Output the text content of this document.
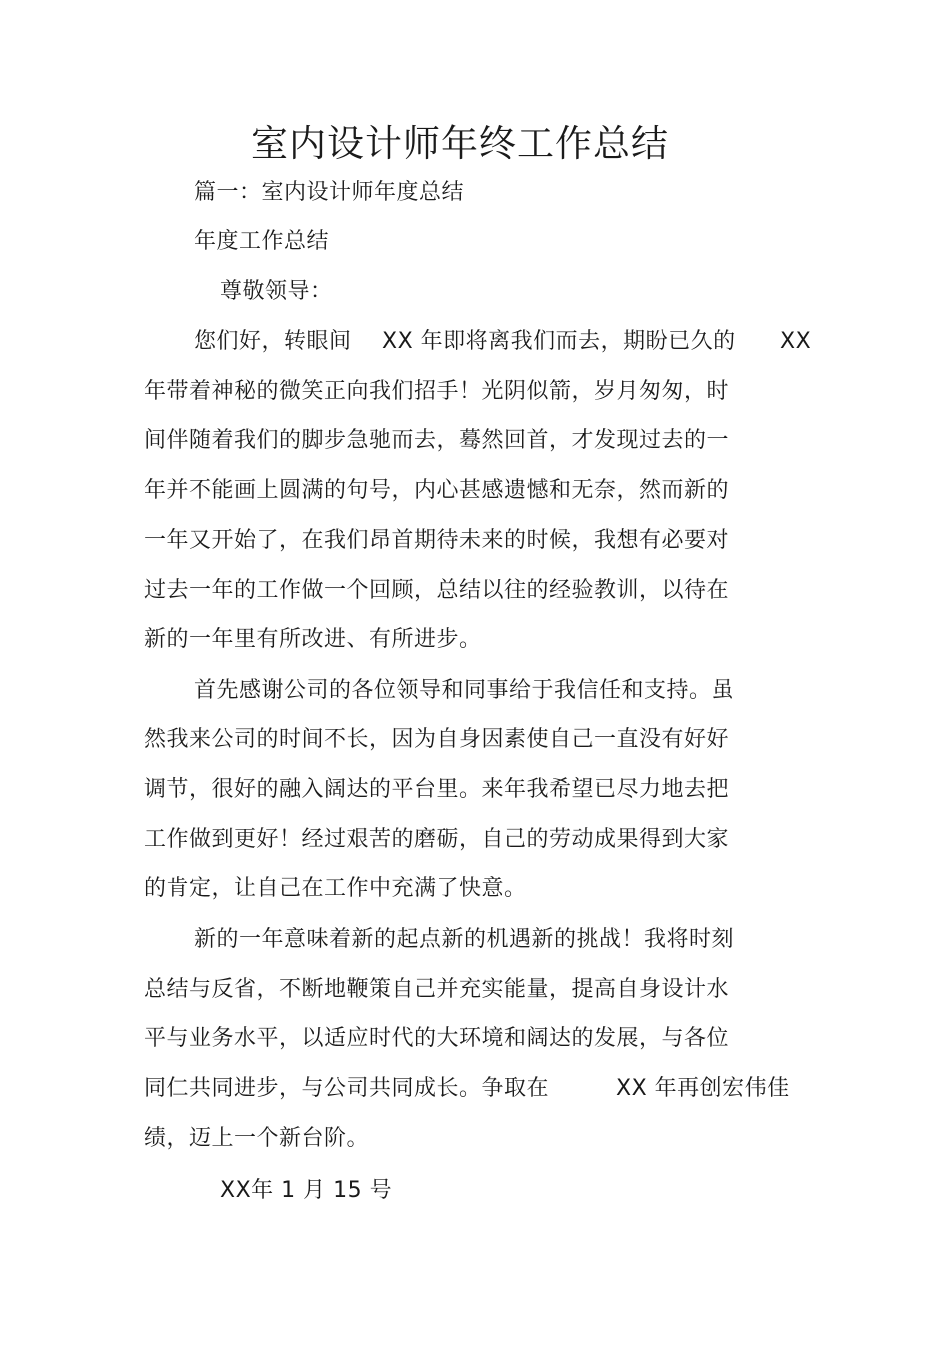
室内设计师年终工作总结
篇一：室内设计师年度总结
年度工作总结
尊敬领导：
您们好，转眼间 XX 年即将离我们而去，期盼已久的 XX
年带着神秘的微笑正向我们招手！光阴似箭，岁月匆匆，时
间伴随着我们的脚步急驰而去，蓦然回首，才发现过去的一
年并不能画上圆满的句号，内心甚感遗憾和无奈，然而新的
一年又开始了，在我们昂首期待未来的时候，我想有必要对
过去一年的工作做一个回顾，总结以往的经验教训，以待在
新的一年里有所改进、有所进步。
首先感谢公司的各位领导和同事给于我信任和支持。虽
然我来公司的时间不长，因为自身因素使自己一直没有好好
调节，很好的融入阔达的平台里。来年我希望已尽力地去把
工作做到更好！经过艰苦的磨砺，自己的劳动成果得到大家
的肯定，让自己在工作中充满了快意。
新的一年意味着新的起点新的机遇新的挑战！我将时刻
总结与反省，不断地鞭策自己并充实能量，提高自身设计水
平与业务水平，以适应时代的大环境和阔达的发展，与各位
同仁共同进步，与公司共同成长。争取在	XX 年再创宏伟佳
绩，迈上一个新台阶。
XX年 1 月 15 号
